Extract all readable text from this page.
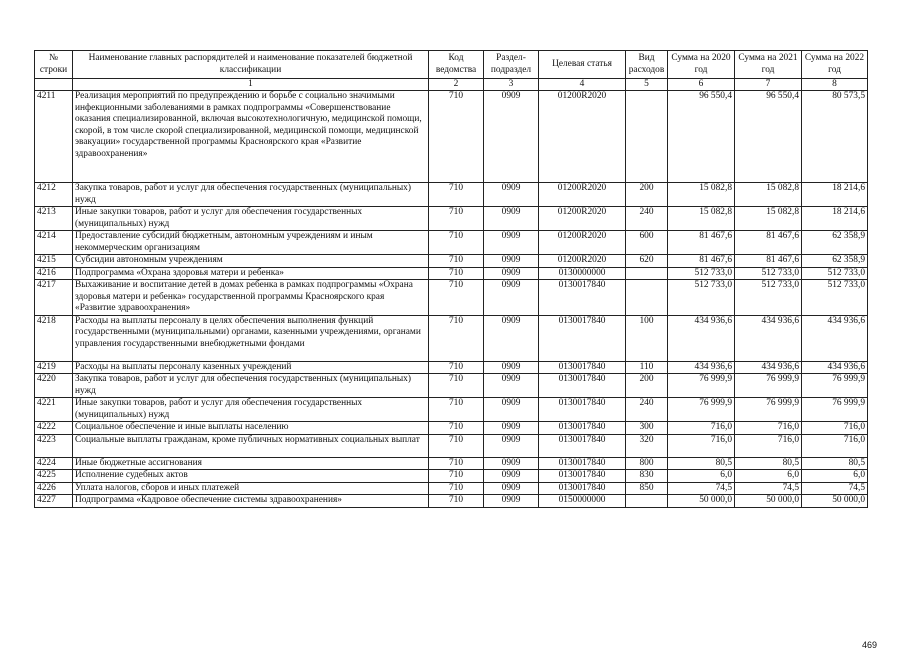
№ строки	Наименование главных распорядителей и наименование показателей бюджетной классификации	Код ведомства	Раздел-подраздел	Целевая статья	Вид расходов	Сумма на 2020 год	Сумма на 2021 год	Сумма на 2022 год
	1	2	3	4	5	6	7	8
4211	Реализация мероприятий по предупреждению и борьбе с социально значимыми инфекционными заболеваниями в рамках подпрограммы «Совершенствование оказания специализированной, включая высокотехнологичную, медицинской помощи, скорой, в том числе скорой специализированной, медицинской помощи, медицинской эвакуации» государственной программы Красноярского края «Развитие здравоохранения»	710	0909	01200R2020		96 550,4	96 550,4	80 573,5
4212	Закупка товаров, работ и услуг для обеспечения государственных (муниципальных) нужд	710	0909	01200R2020	200	15 082,8	15 082,8	18 214,6
4213	Иные закупки товаров, работ и услуг для обеспечения государственных (муниципальных) нужд	710	0909	01200R2020	240	15 082,8	15 082,8	18 214,6
4214	Предоставление субсидий бюджетным, автономным учреждениям и иным некоммерческим организациям	710	0909	01200R2020	600	81 467,6	81 467,6	62 358,9
4215	Субсидии автономным учреждениям	710	0909	01200R2020	620	81 467,6	81 467,6	62 358,9
4216	Подпрограмма «Охрана здоровья матери и ребенка»	710	0909	0130000000		512 733,0	512 733,0	512 733,0
4217	Выхаживание и воспитание детей в домах ребенка в рамках подпрограммы «Охрана здоровья матери и ребенка» государственной программы Красноярского края «Развитие здравоохранения»	710	0909	0130017840		512 733,0	512 733,0	512 733,0
4218	Расходы на выплаты персоналу в целях обеспечения выполнения функций государственными (муниципальными) органами, казенными учреждениями, органами управления государственными внебюджетными фондами	710	0909	0130017840	100	434 936,6	434 936,6	434 936,6
4219	Расходы на выплаты персоналу казенных учреждений	710	0909	0130017840	110	434 936,6	434 936,6	434 936,6
4220	Закупка товаров, работ и услуг для обеспечения государственных (муниципальных) нужд	710	0909	0130017840	200	76 999,9	76 999,9	76 999,9
4221	Иные закупки товаров, работ и услуг для обеспечения государственных (муниципальных) нужд	710	0909	0130017840	240	76 999,9	76 999,9	76 999,9
4222	Социальное обеспечение и иные выплаты населению	710	0909	0130017840	300	716,0	716,0	716,0
4223	Социальные выплаты гражданам, кроме публичных нормативных социальных выплат	710	0909	0130017840	320	716,0	716,0	716,0
4224	Иные бюджетные ассигнования	710	0909	0130017840	800	80,5	80,5	80,5
4225	Исполнение судебных актов	710	0909	0130017840	830	6,0	6,0	6,0
4226	Уплата налогов, сборов и иных платежей	710	0909	0130017840	850	74,5	74,5	74,5
4227	Подпрограмма «Кадровое обеспечение системы здравоохранения»	710	0909	0150000000		50 000,0	50 000,0	50 000,0
469
